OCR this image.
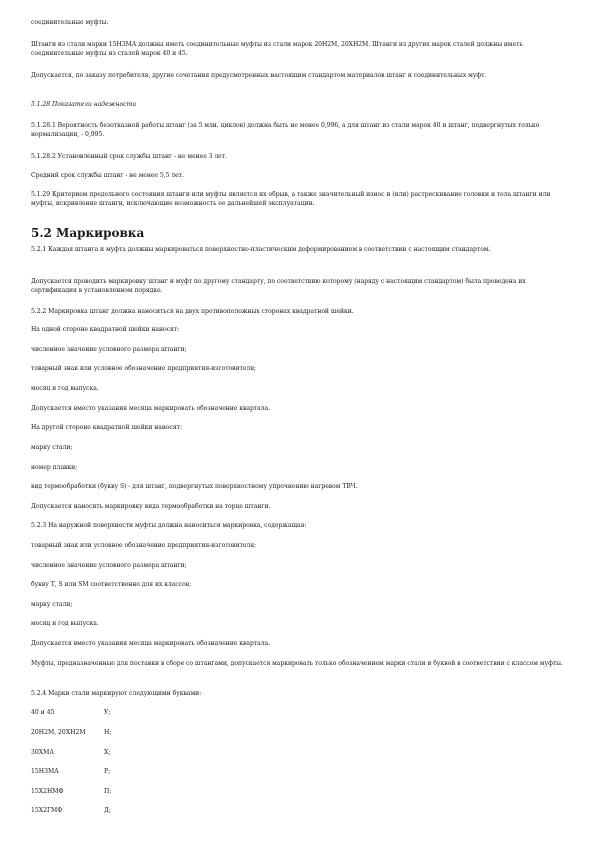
соединительные муфты.

Штанги из стали марки 15Н3МА должны иметь соединительные муфты из стали марок 20Н2М, 20ХН2М. Штанги из других марок сталей должны иметь соединительные муфты из сталей марок 40 и 45.

Допускается, по заказу потребителя, другие сочетания предусмотренных настоящим стандартом материалов штанг и соединительных муфт.

5.1.28 Показатели надежности

5.1.28.1 Вероятность безотказной работы штанг (за 5 млн. циклов) должна быть не менее 0,996, а для штанг из стали марок 40 и штанг, подвергнутых только нормализации, - 0,995.

5.1.28.2 Установленный срок службы штанг - не менее 3 лет.

Средний срок службы штанг - не менее 5,5 лет.

5.1.29 Критерием предельного состояния штанги или муфты является их обрыв, а также значительный износ и (или) растрескивание головки и тела штанги или муфты, искривление штанги, исключающие возможность ее дальнейшей эксплуатации.

5.2 Маркировка

5.2.1 Каждая штанга и муфта должны маркироваться поверхностно-пластическим деформированием в соответствии с настоящим стандартом.

Допускается проводить маркировку штанг и муфт по другому стандарту, по соответствию которому (наряду с настоящим стандартом) была проведена их сертификация в установленном порядке.

5.2.2 Маркировка штанг должна наноситься на двух противоположных сторонах квадратной шейки.

На одной стороне квадратной шейки наносят:

численное значение условного размера штанги;

товарный знак или условное обозначение предприятия-изготовителя;

месяц и год выпуска.

Допускается вместо указания месяца маркировать обозначение квартала.

На другой стороне квадратной шейки наносят:

марку стали;

номер плавки;

вид термообработки (букву S) - для штанг, подвергнутых поверхностному упрочнению нагревом ТВЧ.

Допускается наносить маркировку вида термообработки на торце штанги.

5.2.3 На наружной поверхности муфты должна наноситься маркировка, содержащая:

товарный знак или условное обозначение предприятия-изготовителя;

численное значение условного размера штанги;

букву Т, S или SM соответственно для их классов;

марку стали;

месяц и год выпуска.

Допускается вместо указания месяца маркировать обозначение квартала.

Муфты, предназначенные для поставки в сборе со штангами, допускается маркировать только обозначением марки стали и буквой в соответствии с классом муфты.

5.2.4 Марки стали маркируют следующими буквами:

40 и 45	У;
20Н2М, 20ХН2М	Н;
30ХМА	Х;
15Н3МА	Р;
15Х2НМФ	П;
15Х2ГМФ	Д;
